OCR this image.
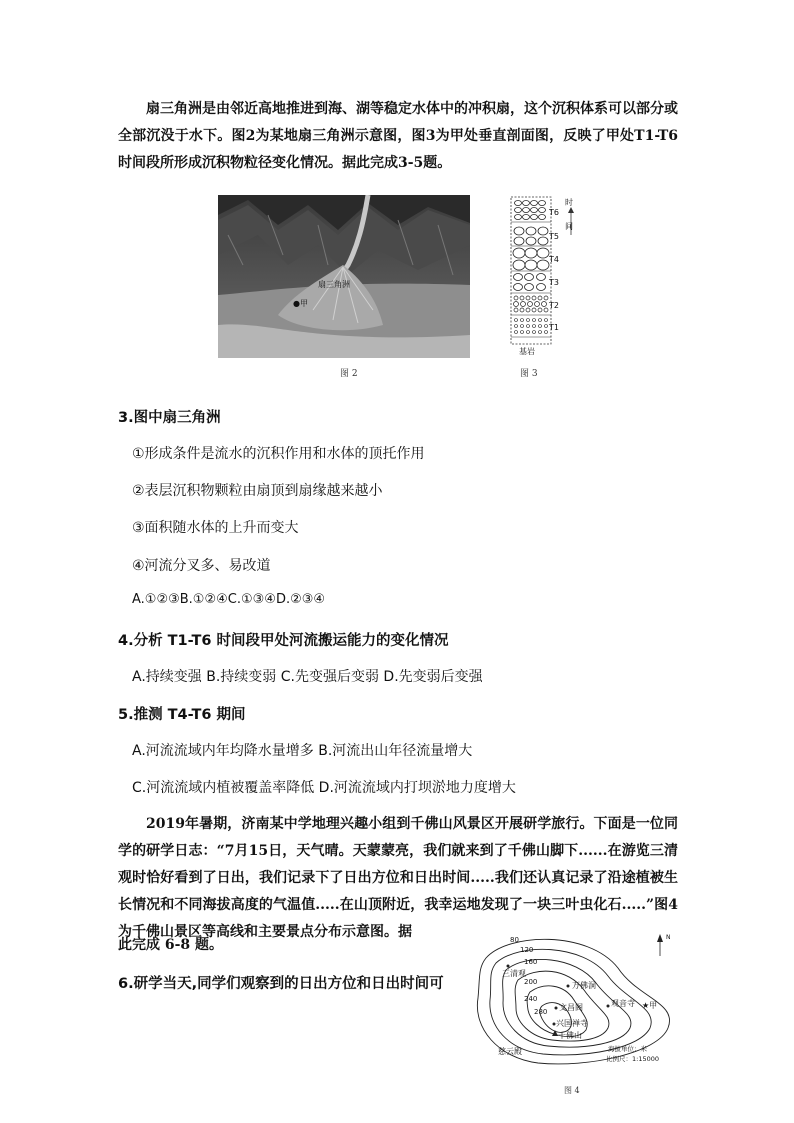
扇三角洲是由邻近高地推进到海、湖等稳定水体中的冲积扇，这个沉积体系可以部分或全部沉没于水下。图2为某地扇三角洲示意图，图3为甲处垂直剖面图，反映了甲处T1-T6时间段所形成沉积物粒径变化情况。据此完成3-5题。
扇三角洲
●甲
图 2
T6
T5
T4
T3
T2
T1
时
间
基岩
图 3
3.图中扇三角洲
①形成条件是流水的沉积作用和水体的顶托作用
②表层沉积物颗粒由扇顶到扇缘越来越小
③面积随水体的上升而变大
④河流分叉多、易改道
A.①②③B.①②④C.①③④D.②③④
4.分析 T1-T6 时间段甲处河流搬运能力的变化情况
A.持续变强 B.持续变弱 C.先变强后变弱 D.先变弱后变强
5.推测 T4-T6 期间
A.河流流域内年均降水量增多 B.河流出山年径流量增大
C.河流流域内植被覆盖率降低 D.河流流域内打坝淤地力度增大
2019年暑期，济南某中学地理兴趣小组到千佛山风景区开展研学旅行。下面是一位同学的研学日志：“7月15日，天气晴。天蒙蒙亮，我们就来到了千佛山脚下......在游览三清观时恰好看到了日出，我们记录下了日出方位和日出时间.....我们还认真记录了沿途植被生长情况和不同海拔高度的气温值.....在山顶附近，我幸运地发现了一块三叶虫化石.....”图4为千佛山景区等高线和主要景点分布示意图。据
此完成 6-8 题。
6.研学当天,同学们观察到的日出方位和日出时间可
80
120
160
200
240
280
三清观
万佛洞
文昌阁	观音寺
兴国禅寺
千佛山
慈云殿
★甲
N
海拔单位：米
比例尺：1:15000
图 4
